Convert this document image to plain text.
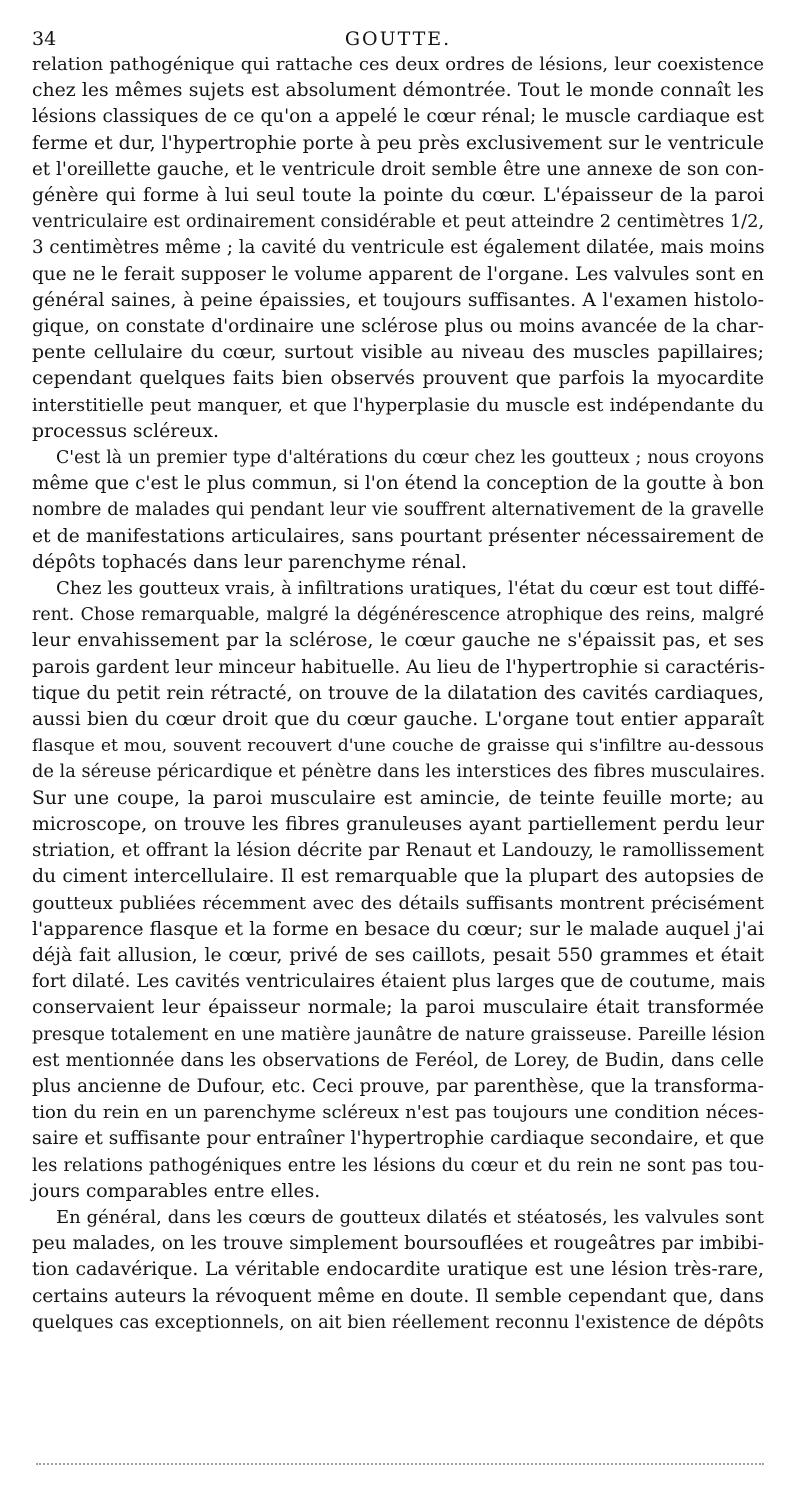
34	GOUTTE.
relation pathogénique qui rattache ces deux ordres de lésions, leur coexistence
chez les mêmes sujets est absolument démontrée. Tout le monde connaît les
lésions classiques de ce qu'on a appelé le cœur rénal; le muscle cardiaque est
ferme et dur, l'hypertrophie porte à peu près exclusivement sur le ventricule
et l'oreillette gauche, et le ventricule droit semble être une annexe de son con-
génère qui forme à lui seul toute la pointe du cœur. L'épaisseur de la paroi
ventriculaire est ordinairement considérable et peut atteindre 2 centimètres 1/2,
3 centimètres même ; la cavité du ventricule est également dilatée, mais moins
que ne le ferait supposer le volume apparent de l'organe. Les valvules sont en
général saines, à peine épaissies, et toujours suffisantes. A l'examen histolo-
gique, on constate d'ordinaire une sclérose plus ou moins avancée de la char-
pente cellulaire du cœur, surtout visible au niveau des muscles papillaires;
cependant quelques faits bien observés prouvent que parfois la myocardite
interstitielle peut manquer, et que l'hyperplasie du muscle est indépendante du
processus scléreux.
C'est là un premier type d'altérations du cœur chez les goutteux ; nous croyons
même que c'est le plus commun, si l'on étend la conception de la goutte à bon
nombre de malades qui pendant leur vie souffrent alternativement de la gravelle
et de manifestations articulaires, sans pourtant présenter nécessairement de
dépôts tophacés dans leur parenchyme rénal.
Chez les goutteux vrais, à infiltrations uratiques, l'état du cœur est tout diffé-
rent. Chose remarquable, malgré la dégénérescence atrophique des reins, malgré
leur envahissement par la sclérose, le cœur gauche ne s'épaissit pas, et ses
parois gardent leur minceur habituelle. Au lieu de l'hypertrophie si caractéris-
tique du petit rein rétracté, on trouve de la dilatation des cavités cardiaques,
aussi bien du cœur droit que du cœur gauche. L'organe tout entier apparaît
flasque et mou, souvent recouvert d'une couche de graisse qui s'infiltre au-dessous
de la séreuse péricardique et pénètre dans les interstices des fibres musculaires.
Sur une coupe, la paroi musculaire est amincie, de teinte feuille morte; au
microscope, on trouve les fibres granuleuses ayant partiellement perdu leur
striation, et offrant la lésion décrite par Renaut et Landouzy, le ramollissement
du ciment intercellulaire. Il est remarquable que la plupart des autopsies de
goutteux publiées récemment avec des détails suffisants montrent précisément
l'apparence flasque et la forme en besace du cœur; sur le malade auquel j'ai
déjà fait allusion, le cœur, privé de ses caillots, pesait 550 grammes et était
fort dilaté. Les cavités ventriculaires étaient plus larges que de coutume, mais
conservaient leur épaisseur normale; la paroi musculaire était transformée
presque totalement en une matière jaunâtre de nature graisseuse. Pareille lésion
est mentionnée dans les observations de Feréol, de Lorey, de Budin, dans celle
plus ancienne de Dufour, etc. Ceci prouve, par parenthèse, que la transforma-
tion du rein en un parenchyme scléreux n'est pas toujours une condition néces-
saire et suffisante pour entraîner l'hypertrophie cardiaque secondaire, et que
les relations pathogéniques entre les lésions du cœur et du rein ne sont pas tou-
jours comparables entre elles.
En général, dans les cœurs de goutteux dilatés et stéatosés, les valvules sont
peu malades, on les trouve simplement boursouflées et rougeâtres par imbibi-
tion cadavérique. La véritable endocardite uratique est une lésion très-rare,
certains auteurs la révoquent même en doute. Il semble cependant que, dans
quelques cas exceptionnels, on ait bien réellement reconnu l'existence de dépôts
